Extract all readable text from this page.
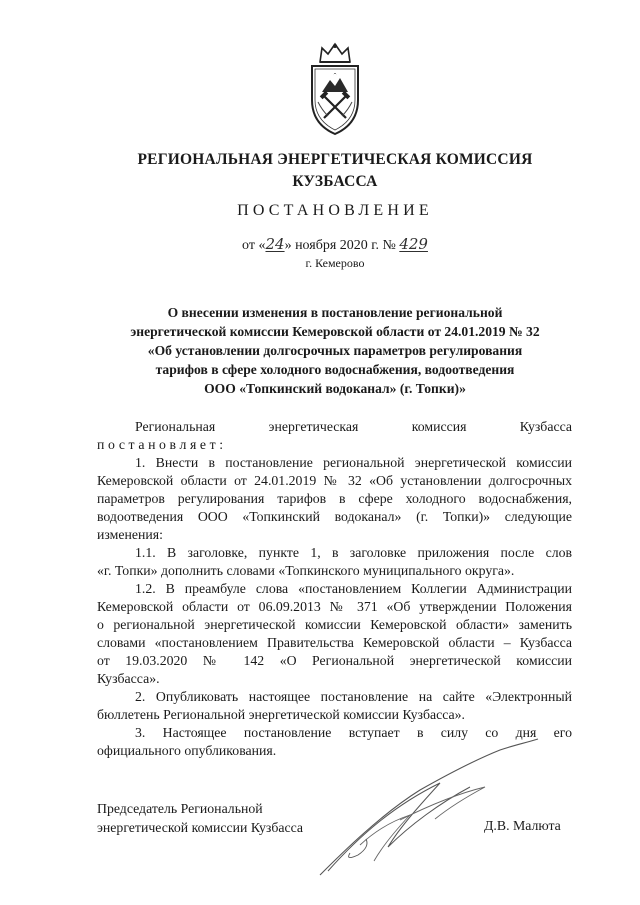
РЕГИОНАЛЬНАЯ ЭНЕРГЕТИЧЕСКАЯ КОМИССИЯ
КУЗБАССА
ПОСТАНОВЛЕНИЕ
от «24» ноября 2020 г. № 429
г. Кемерово
О внесении изменения в постановление региональной
энергетической комиссии Кемеровской области от 24.01.2019 № 32
«Об установлении долгосрочных параметров регулирования
тарифов в сфере холодного водоснабжения, водоотведения
ООО «Топкинский водоканал» (г. Топки)»
Региональная энергетическая комиссия Кузбасса
постановляет:
1. Внести в постановление региональной энергетической комиссии
Кемеровской области от 24.01.2019 № 32 «Об установлении долгосрочных
параметров регулирования тарифов в сфере холодного водоснабжения,
водоотведения ООО «Топкинский водоканал» (г. Топки)» следующие
изменения:
1.1. В заголовке, пункте 1, в заголовке приложения после слов
«г. Топки» дополнить словами «Топкинского муниципального округа».
1.2. В преамбуле слова «постановлением Коллегии Администрации
Кемеровской области от 06.09.2013 № 371 «Об утверждении Положения
о региональной энергетической комиссии Кемеровской области» заменить
словами «постановлением Правительства Кемеровской области – Кузбасса
от 19.03.2020 № 142 «О Региональной энергетической комиссии
Кузбасса».
2. Опубликовать настоящее постановление на сайте «Электронный
бюллетень Региональной энергетической комиссии Кузбасса».
3. Настоящее постановление вступает в силу со дня его
официального опубликования.
Председатель Региональной
энергетической комиссии Кузбасса	Д.В. Малюта
